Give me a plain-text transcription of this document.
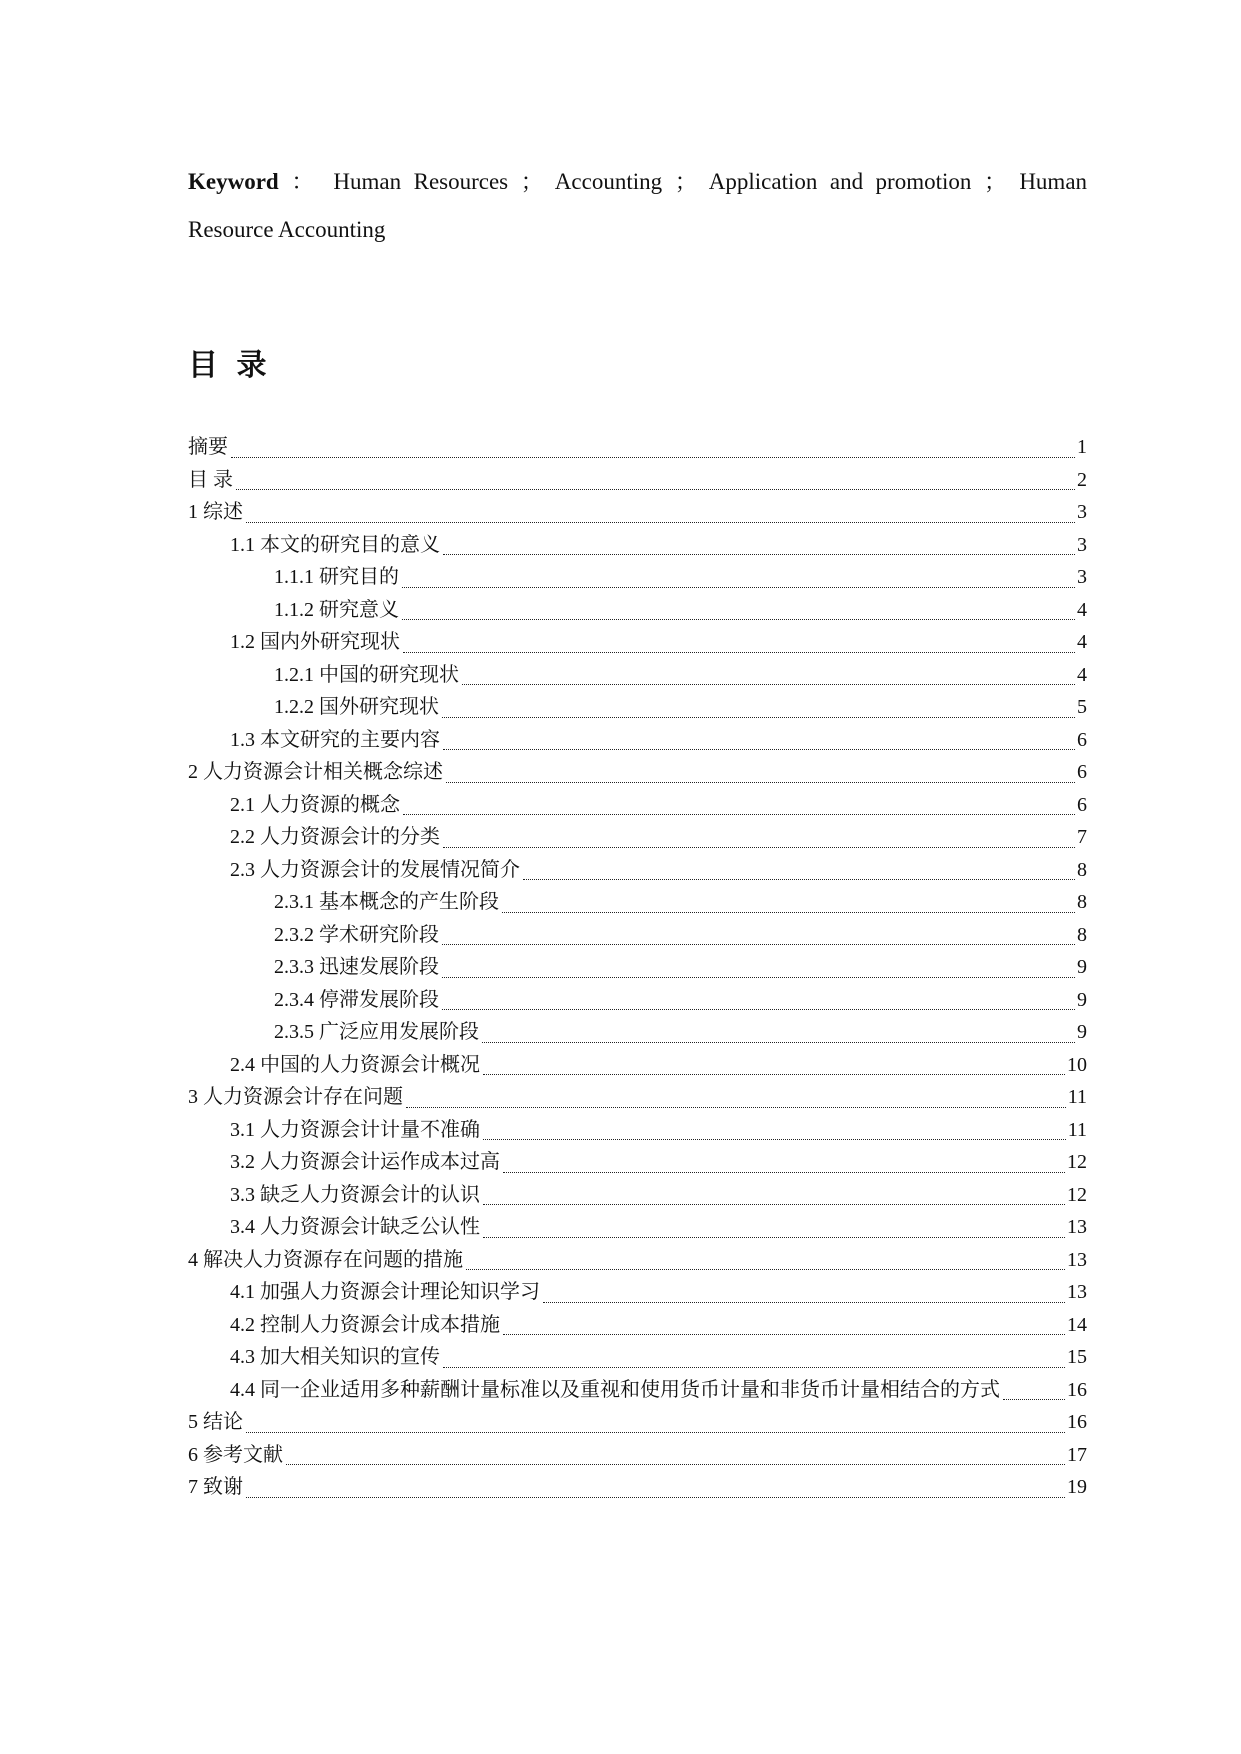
Keyword ： Human Resources ； Accounting ； Application and promotion ； Human
Resource Accounting
目 录
摘要	1
目 录	2
1 综述	3
1.1 本文的研究目的意义	3
1.1.1 研究目的	3
1.1.2 研究意义	4
1.2 国内外研究现状	4
1.2.1 中国的研究现状	4
1.2.2 国外研究现状	5
1.3 本文研究的主要内容	6
2 人力资源会计相关概念综述	6
2.1 人力资源的概念	6
2.2 人力资源会计的分类	7
2.3 人力资源会计的发展情况简介	8
2.3.1 基本概念的产生阶段	8
2.3.2 学术研究阶段	8
2.3.3 迅速发展阶段	9
2.3.4 停滞发展阶段	9
2.3.5 广泛应用发展阶段	9
2.4 中国的人力资源会计概况	10
3 人力资源会计存在问题	11
3.1 人力资源会计计量不准确	11
3.2 人力资源会计运作成本过高	12
3.3 缺乏人力资源会计的认识	12
3.4 人力资源会计缺乏公认性	13
4 解决人力资源存在问题的措施	13
4.1 加强人力资源会计理论知识学习	13
4.2 控制人力资源会计成本措施	14
4.3 加大相关知识的宣传	15
4.4 同一企业适用多种薪酬计量标准以及重视和使用货币计量和非货币计量相结合的方式	16
5 结论	16
6 参考文献	17
7 致谢	19
